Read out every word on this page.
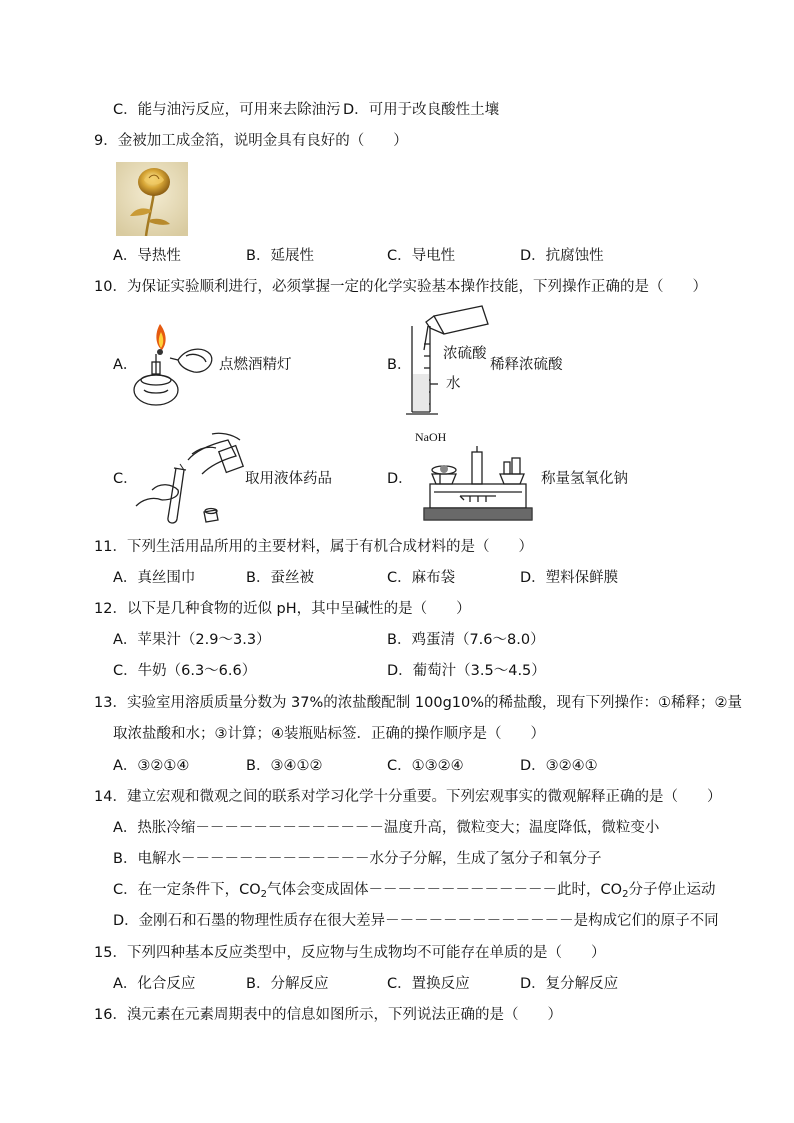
C．能与油污反应，可用来去除油污 D．可用于改良酸性土壤
9．金被加工成金箔，说明金具有良好的（　　）
A．导热性	B．延展性	C．导电性	D．抗腐蚀性
10．为保证实验顺利进行，必须掌握一定的化学实验基本操作技能，下列操作正确的是（　　）
A．	点燃酒精灯	B．
浓硫酸
水
稀释浓硫酸
C．	取用液体药品	D．
NaOH
称量氢氧化钠
11．下列生活用品所用的主要材料，属于有机合成材料的是（　　）
A．真丝围巾	B．蚕丝被	C．麻布袋	D．塑料保鲜膜
12．以下是几种食物的近似 pH，其中呈碱性的是（　　）
A．苹果汁（2.9～3.3）	B．鸡蛋清（7.6～8.0）
C．牛奶（6.3～6.6）	D．葡萄汁（3.5～4.5）
13．实验室用溶质质量分数为 37%的浓盐酸配制 100g10%的稀盐酸，现有下列操作：①稀释；②量
取浓盐酸和水；③计算；④装瓶贴标签．正确的操作顺序是（　　）
A．③②①④	B．③④①②	C．①③②④	D．③②④①
14．建立宏观和微观之间的联系对学习化学十分重要。下列宏观事实的微观解释正确的是（　　）
A．热胀冷缩－－－－－－－－－－－－－温度升高，微粒变大；温度降低，微粒变小
B．电解水－－－－－－－－－－－－－水分子分解，生成了氢分子和氧分子
C．在一定条件下，$CO_2$气体会变成固体－－－－－－－－－－－－－此时，$CO_2$分子停止运动
D．金刚石和石墨的物理性质存在很大差异－－－－－－－－－－－－－是构成它们的原子不同
15．下列四种基本反应类型中，反应物与生成物均不可能存在单质的是（　　）
A．化合反应	B．分解反应	C．置换反应	D．复分解反应
16．溴元素在元素周期表中的信息如图所示，下列说法正确的是（　　）
